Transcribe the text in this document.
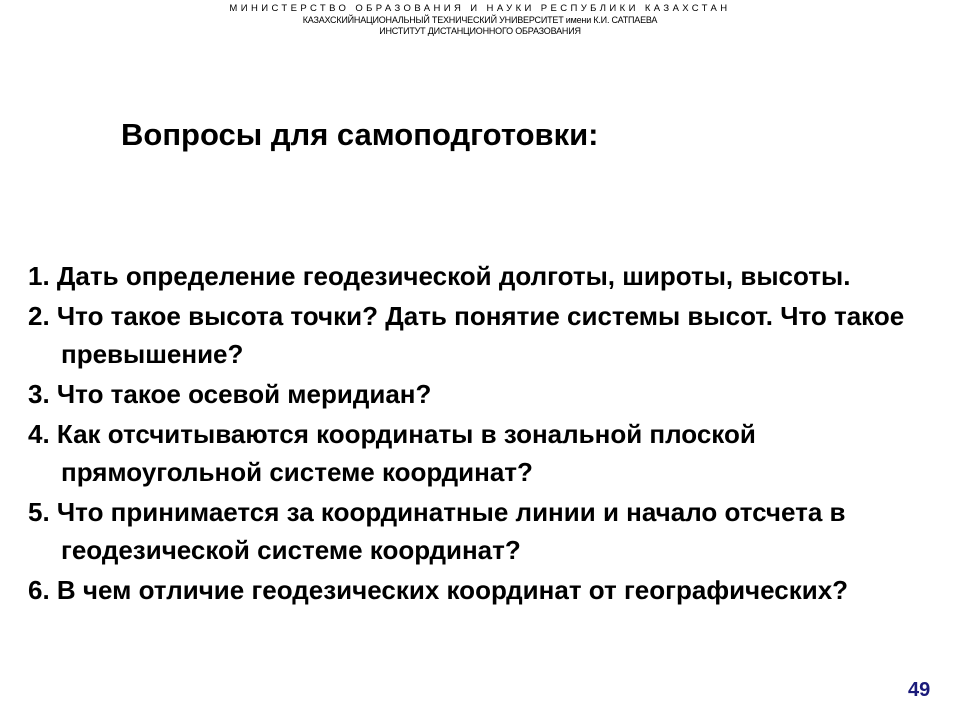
МИНИСТЕРСТВО ОБРАЗОВАНИЯ И НАУКИ РЕСПУБЛИКИ КАЗАХСТАН
КАЗАХСКИЙНАЦИОНАЛЬНЫЙ ТЕХНИЧЕСКИЙ УНИВЕРСИТЕТ имени К.И. САТПАЕВА
ИНСТИТУТ ДИСТАНЦИОННОГО ОБРАЗОВАНИЯ
Вопросы для самоподготовки:
1. Дать определение геодезической долготы, широты, высоты.
2. Что такое высота точки? Дать понятие системы высот. Что такое превышение?
3. Что такое осевой меридиан?
4. Как отсчитываются координаты в зональной плоской прямоугольной системе координат?
5. Что принимается за координатные линии и начало отсчета в геодезической системе координат?
6. В чем отличие геодезических координат от географических?
49
